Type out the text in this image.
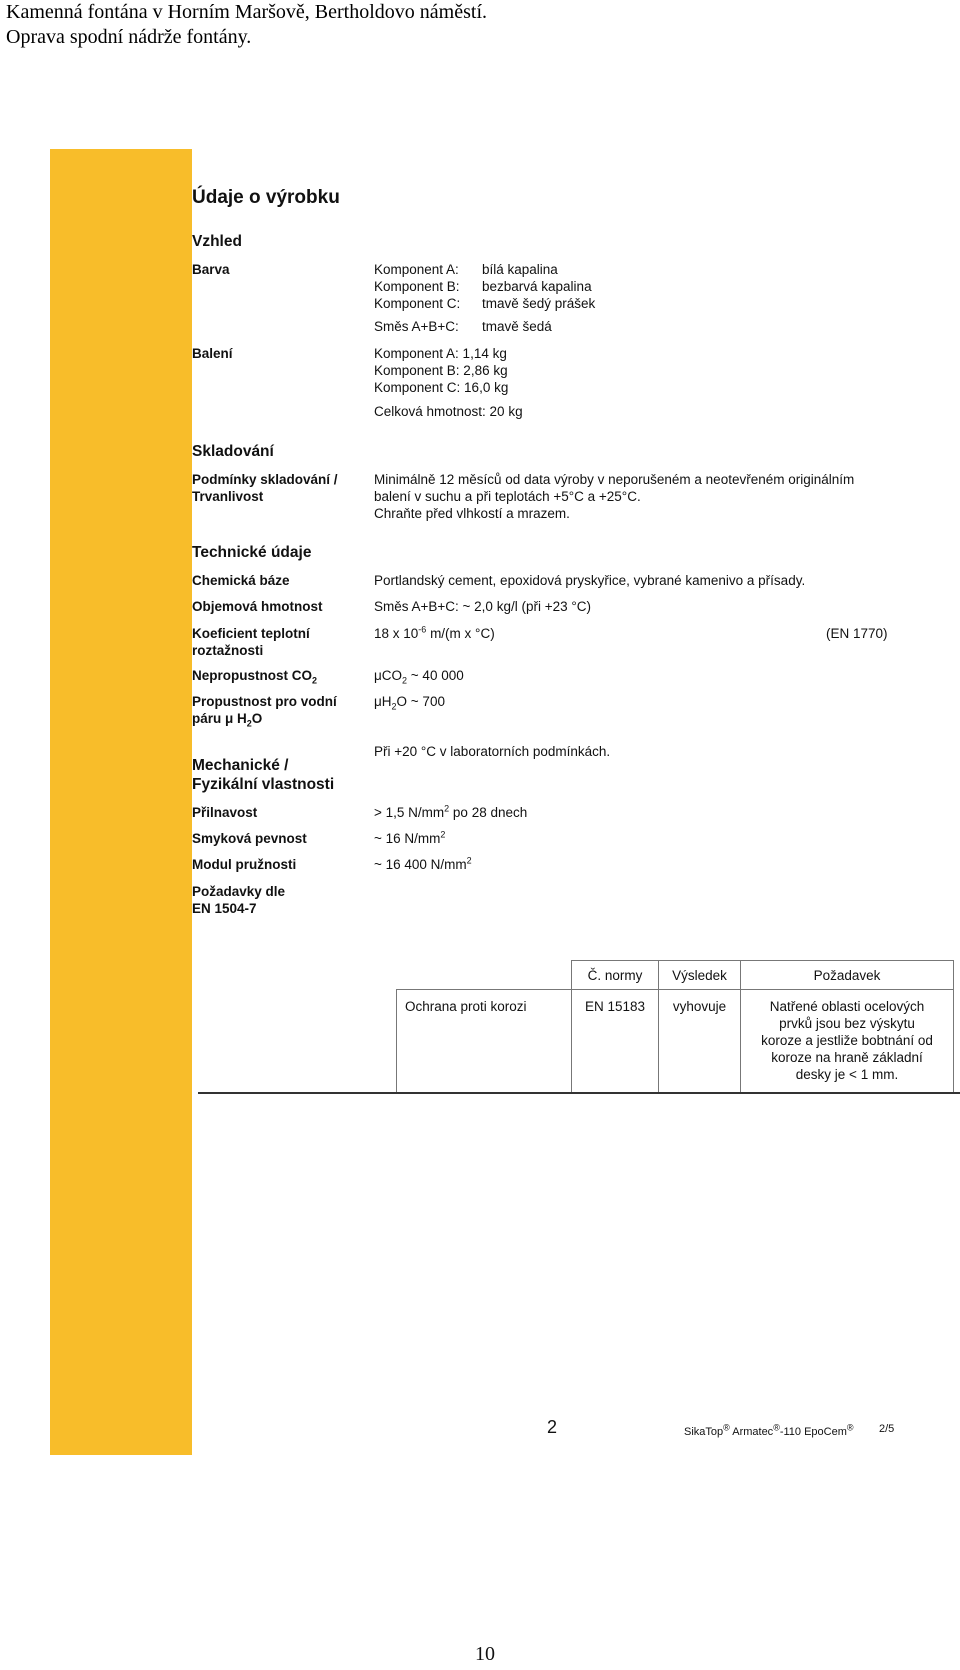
Kamenná fontána v Horním Maršově, Bertholdovo náměstí.
Oprava spodní nádrže fontány.
Údaje o výrobku
Vzhled
Barva	Komponent A:	bílá kapalina
Komponent B:	bezbarvá kapalina
Komponent C:	tmavě šedý prášek
Směs A+B+C:	tmavě šedá
Balení	Komponent A: 1,14 kg
Komponent B: 2,86 kg
Komponent C: 16,0 kg
Celková hmotnost: 20 kg
Skladování
Podmínky skladování /
Trvanlivost
Minimálně 12 měsíců od data výroby v neporušeném a neotevřeném originálním
balení v suchu a při teplotách +5°C a +25°C.
Chraňte před vlhkostí a mrazem.
Technické údaje
Chemická báze	Portlandský cement, epoxidová pryskyřice, vybrané kamenivo a přísady.
Objemová hmotnost	Směs A+B+C: ~ 2,0 kg/l (při +23 °C)
Koeficient teplotní
roztažnosti
18 x $10^{-6}$ m/(m x °C)	(EN 1770)
Nepropustnost $CO_2$	μCO$_2$ ~ 40 000
Propustnost pro vodní
páru μ $H_2O$
$\mu H_2O$ ~ 700
Mechanické /
Fyzikální vlastnosti
Při +20 °C v laboratorních podmínkách.
Přilnavost	> 1,5 $N/mm^2$ po 28 dnech
Smyková pevnost	~ 16 $N/mm^2$
Modul pružnosti	~ 16 400 $N/mm^2$
Požadavky dle
EN 1504-7
	Č. normy	Výsledek	Požadavek
Ochrana proti korozi	EN 15183	vyhovuje	Natřené oblasti ocelových
prvků jsou bez výskytu
koroze a jestliže bobtnání od
koroze na hraně základní
desky je < 1 mm.
2	SikaTop® Armatec®-110 EpoCem® 2/5
10
